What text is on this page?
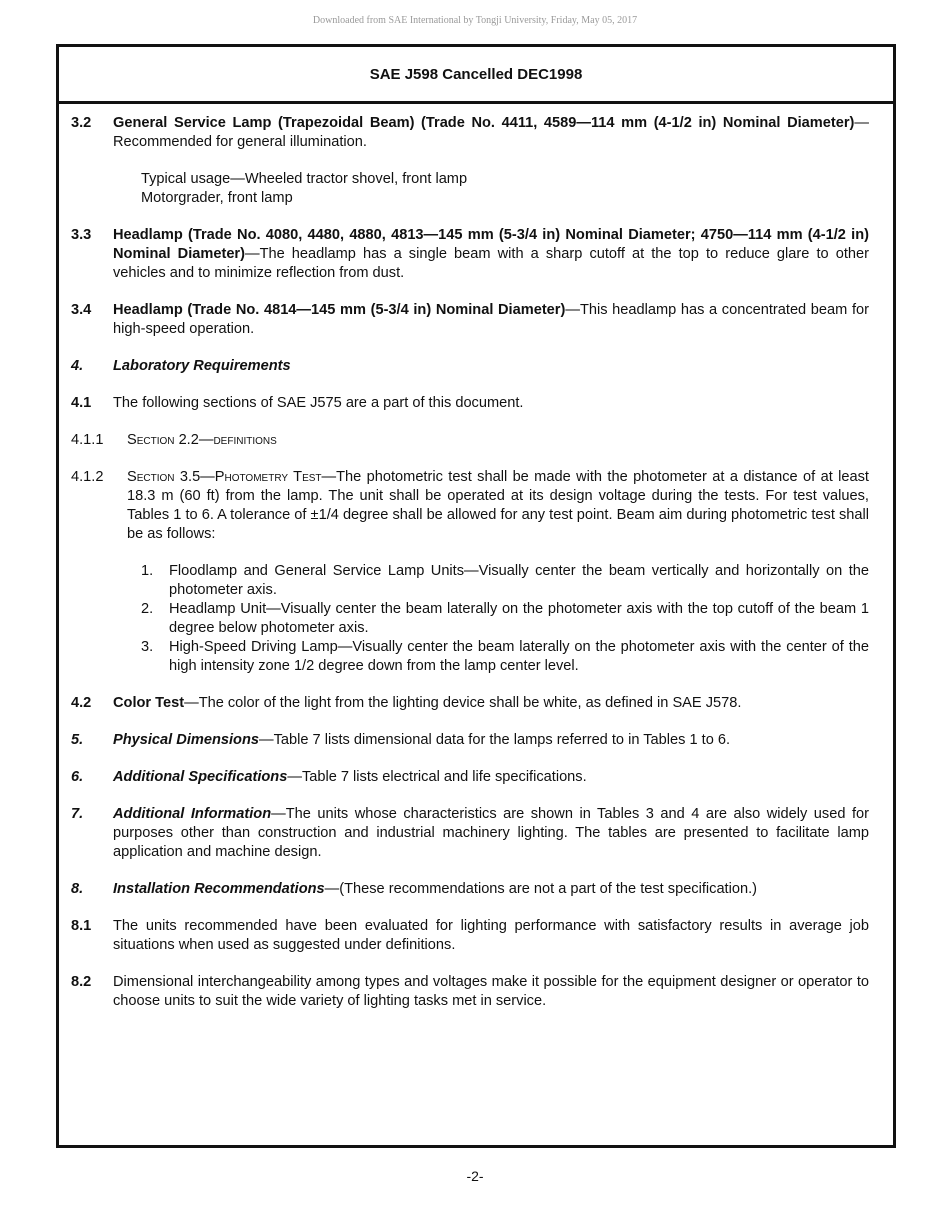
Downloaded from SAE International by Tongji University, Friday, May 05, 2017
SAE J598 Cancelled DEC1998
3.2	General Service Lamp (Trapezoidal Beam) (Trade No. 4411, 4589—114 mm (4-1/2 in) Nominal Diameter)—Recommended for general illumination.
Typical usage—Wheeled tractor shovel, front lamp
Motorgrader, front lamp
3.3	Headlamp (Trade No. 4080, 4480, 4880, 4813—145 mm (5-3/4 in) Nominal Diameter; 4750—114 mm (4-1/2 in) Nominal Diameter)—The headlamp has a single beam with a sharp cutoff at the top to reduce glare to other vehicles and to minimize reflection from dust.
3.4	Headlamp (Trade No. 4814—145 mm (5-3/4 in) Nominal Diameter)—This headlamp has a concentrated beam for high-speed operation.
4.	Laboratory Requirements
4.1	The following sections of SAE J575 are a part of this document.
4.1.1	Section 2.2—definitions
4.1.2	Section 3.5—Photometry Test—The photometric test shall be made with the photometer at a distance of at least 18.3 m (60 ft) from the lamp. The unit shall be operated at its design voltage during the tests. For test values, Tables 1 to 6. A tolerance of ±1/4 degree shall be allowed for any test point. Beam aim during photometric test shall be as follows:
1.	Floodlamp and General Service Lamp Units—Visually center the beam vertically and horizontally on the photometer axis.
2.	Headlamp Unit—Visually center the beam laterally on the photometer axis with the top cutoff of the beam 1 degree below photometer axis.
3.	High-Speed Driving Lamp—Visually center the beam laterally on the photometer axis with the center of the high intensity zone 1/2 degree down from the lamp center level.
4.2	Color Test—The color of the light from the lighting device shall be white, as defined in SAE J578.
5.	Physical Dimensions—Table 7 lists dimensional data for the lamps referred to in Tables 1 to 6.
6.	Additional Specifications—Table 7 lists electrical and life specifications.
7.	Additional Information—The units whose characteristics are shown in Tables 3 and 4 are also widely used for purposes other than construction and industrial machinery lighting. The tables are presented to facilitate lamp application and machine design.
8.	Installation Recommendations—(These recommendations are not a part of the test specification.)
8.1	The units recommended have been evaluated for lighting performance with satisfactory results in average job situations when used as suggested under definitions.
8.2	Dimensional interchangeability among types and voltages make it possible for the equipment designer or operator to choose units to suit the wide variety of lighting tasks met in service.
-2-
